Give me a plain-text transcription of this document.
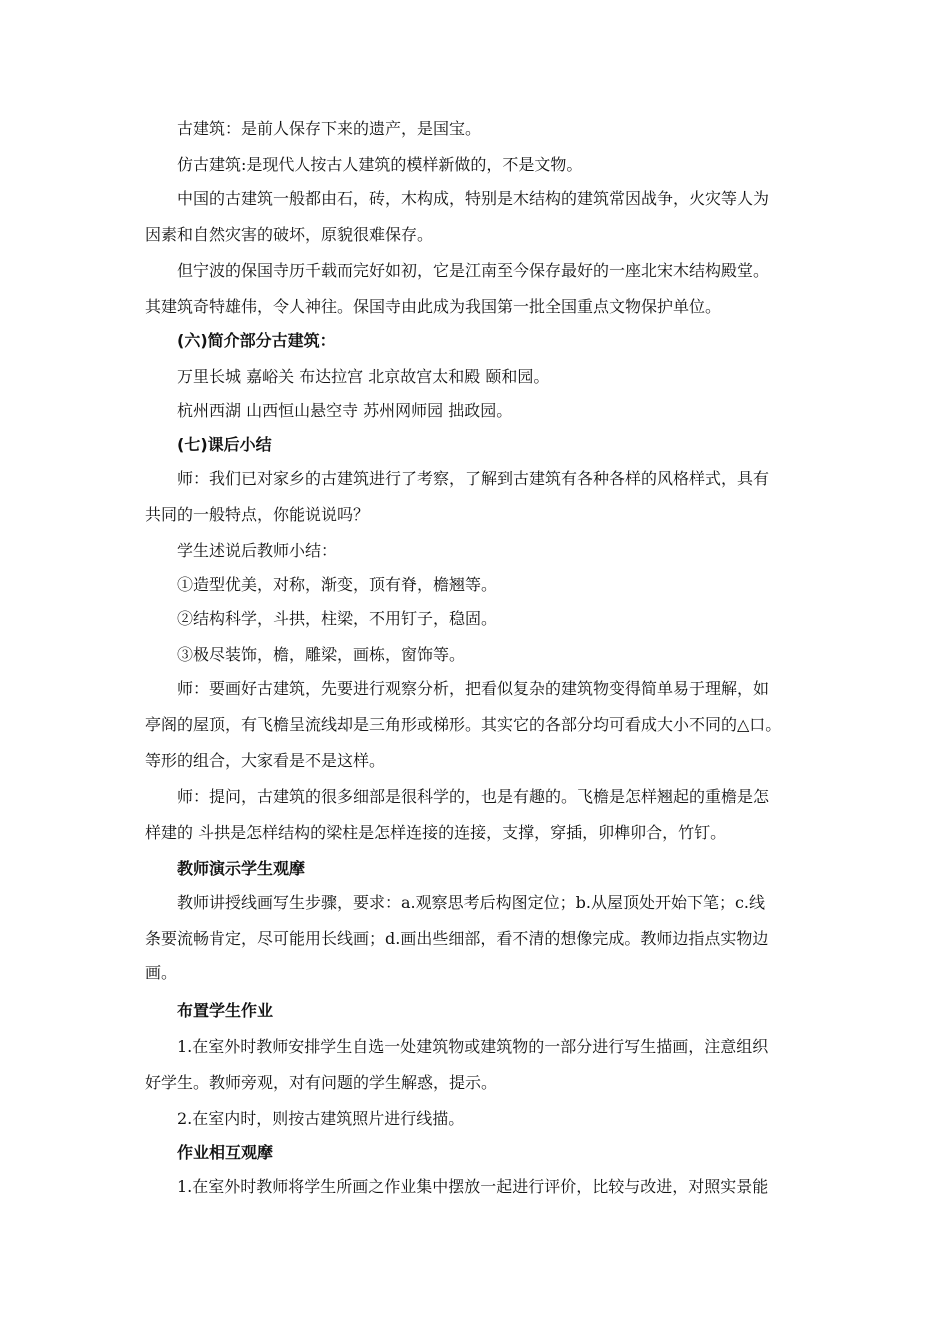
古建筑：是前人保存下来的遗产，是国宝。

仿古建筑:是现代人按古人建筑的模样新做的，不是文物。

中国的古建筑一般都由石，砖，木构成，特别是木结构的建筑常因战争，火灾等人为

因素和自然灾害的破坏，原貌很难保存。

但宁波的保国寺历千载而完好如初，它是江南至今保存最好的一座北宋木结构殿堂。

其建筑奇特雄伟，令人神往。保国寺由此成为我国第一批全国重点文物保护单位。

(六)简介部分古建筑：

万里长城 嘉峪关 布达拉宫 北京故宫太和殿 颐和园。

杭州西湖 山西恒山悬空寺 苏州网师园 拙政园。

(七)课后小结

师：我们已对家乡的古建筑进行了考察，了解到古建筑有各种各样的风格样式，具有

共同的一般特点，你能说说吗？

学生述说后教师小结：

①造型优美，对称，渐变，顶有脊，檐翘等。

②结构科学，斗拱，柱梁，不用钉子，稳固。

③极尽装饰，檐，雕梁，画栋，窗饰等。

师：要画好古建筑，先要进行观察分析，把看似复杂的建筑物变得简单易于理解，如

亭阁的屋顶，有飞檐呈流线却是三角形或梯形。其实它的各部分均可看成大小不同的△口。

等形的组合，大家看是不是这样。

师：提问，古建筑的很多细部是很科学的，也是有趣的。飞檐是怎样翘起的重檐是怎

样建的 斗拱是怎样结构的梁柱是怎样连接的连接，支撑，穿插，卯榫卯合，竹钉。

教师演示学生观摩

教师讲授线画写生步骤，要求：a.观察思考后构图定位；b.从屋顶处开始下笔；c.线

条要流畅肯定，尽可能用长线画；d.画出些细部，看不清的想像完成。教师边指点实物边

画。

布置学生作业

1.在室外时教师安排学生自选一处建筑物或建筑物的一部分进行写生描画，注意组织

好学生。教师旁观，对有问题的学生解惑，提示。

2.在室内时，则按古建筑照片进行线描。

作业相互观摩

1.在室外时教师将学生所画之作业集中摆放一起进行评价，比较与改进，对照实景能
